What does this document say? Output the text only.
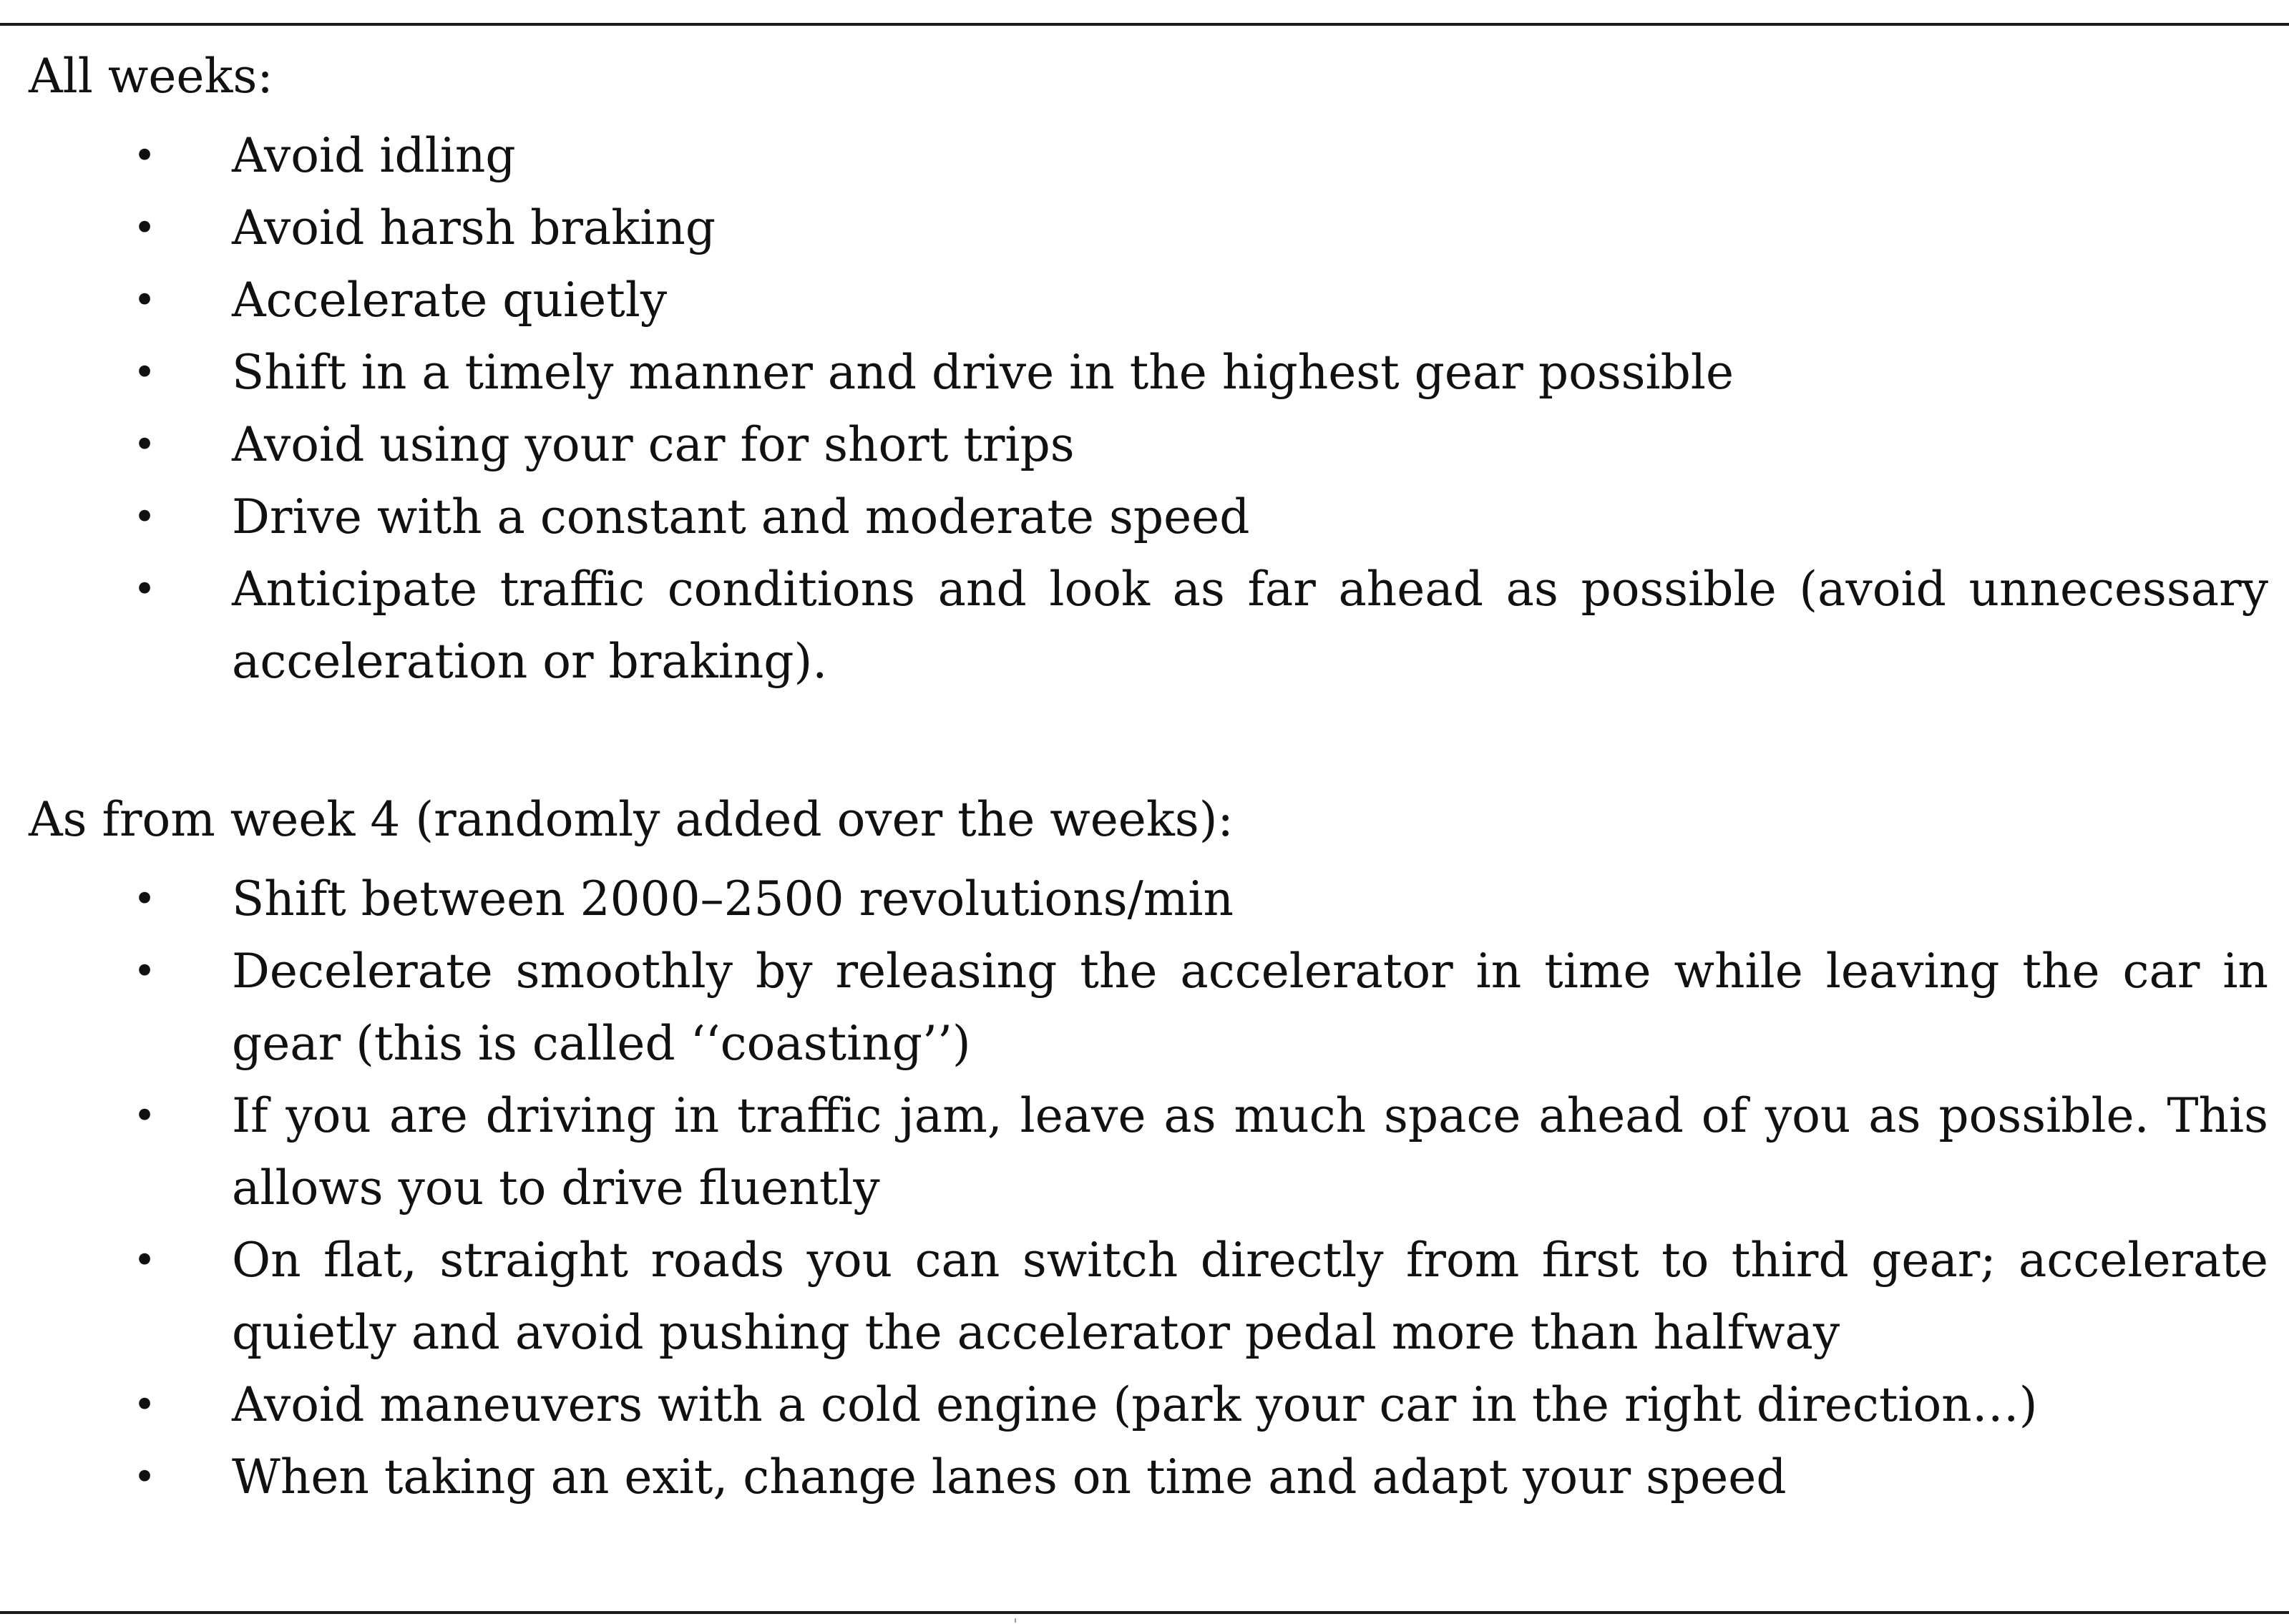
All weeks:

• Avoid idling
• Avoid harsh braking
• Accelerate quietly
• Shift in a timely manner and drive in the highest gear possible
• Avoid using your car for short trips
• Drive with a constant and moderate speed
• Anticipate traffic conditions and look as far ahead as possible (avoid unnecessary acceleration or braking).

As from week 4 (randomly added over the weeks):

• Shift between 2000–2500 revolutions/min
• Decelerate smoothly by releasing the accelerator in time while leaving the car in gear (this is called ‘‘coasting’’)
• If you are driving in traffic jam, leave as much space ahead of you as possible. This allows you to drive fluently
• On flat, straight roads you can switch directly from first to third gear; accelerate quietly and avoid pushing the accelerator pedal more than halfway
• Avoid maneuvers with a cold engine (park your car in the right direction…)
• When taking an exit, change lanes on time and adapt your speed
